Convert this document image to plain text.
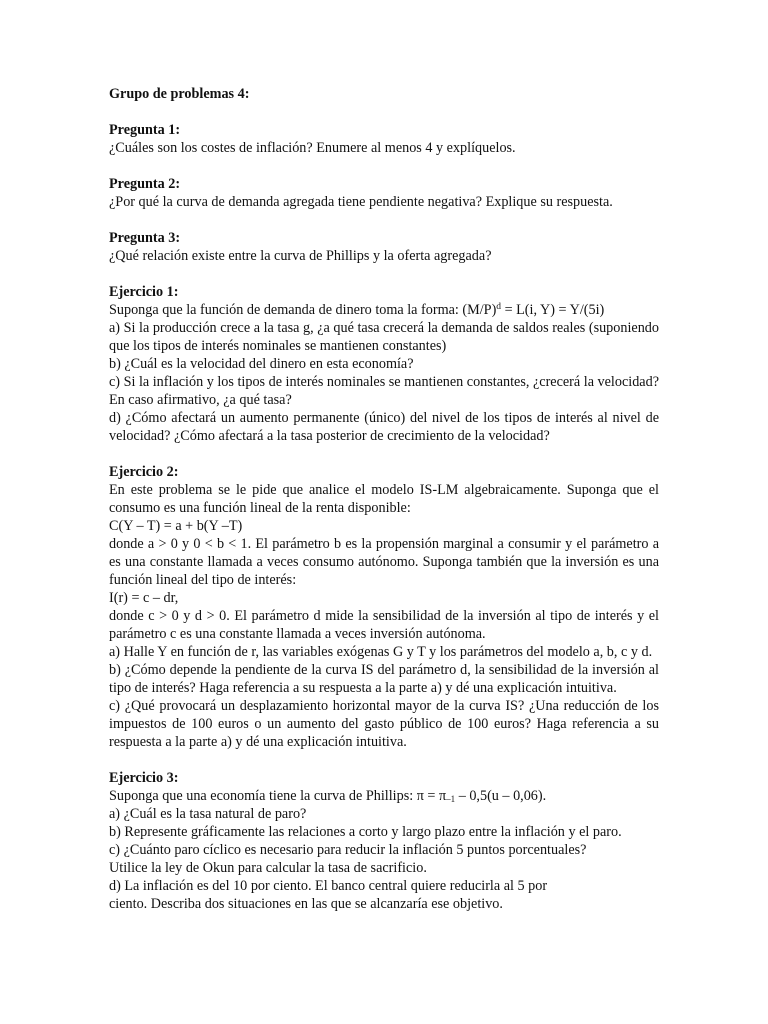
Grupo de problemas 4:

Pregunta 1:

¿Cuáles son los costes de inflación? Enumere al menos 4 y explíquelos.

Pregunta 2:

¿Por qué la curva de demanda agregada tiene pendiente negativa? Explique su respuesta.

Pregunta 3:

¿Qué relación existe entre la curva de Phillips y la oferta agregada?

Ejercicio 1:

Suponga que la función de demanda de dinero toma la forma: $(M/P)^d = L(i$, Y) = Y/(5i)

a) Si la producción crece a la tasa g, ¿a qué tasa crecerá la demanda de saldos reales (suponiendo que los tipos de interés nominales se mantienen constantes)

b) ¿Cuál es la velocidad del dinero en esta economía?

c) Si la inflación y los tipos de interés nominales se mantienen constantes, ¿crecerá la velocidad? En caso afirmativo, ¿a qué tasa?

d) ¿Cómo afectará un aumento permanente (único) del nivel de los tipos de interés al nivel de velocidad? ¿Cómo afectará a la tasa posterior de crecimiento de la velocidad?

Ejercicio 2:

En este problema se le pide que analice el modelo IS-LM algebraicamente. Suponga que el consumo es una función lineal de la renta disponible:

C(Y – T) = a + b(Y –T)

donde a > 0 y 0 < b < 1. El parámetro b es la propensión marginal a consumir y el parámetro a es una constante llamada a veces consumo autónomo. Suponga también que la inversión es una función lineal del tipo de interés:

I(r) = c – dr,

donde c > 0 y d > 0. El parámetro d mide la sensibilidad de la inversión al tipo de interés y el parámetro c es una constante llamada a veces inversión autónoma.

a) Halle Y en función de r, las variables exógenas G y T y los parámetros del modelo a, b, c y d.

b) ¿Cómo depende la pendiente de la curva IS del parámetro d, la sensibilidad de la inversión al tipo de interés? Haga referencia a su respuesta a la parte a) y dé una explicación intuitiva.

c) ¿Qué provocará un desplazamiento horizontal mayor de la curva IS? ¿Una reducción de los impuestos de 100 euros o un aumento del gasto público de 100 euros? Haga referencia a su respuesta a la parte a) y dé una explicación intuitiva.

Ejercicio 3:

Suponga que una economía tiene la curva de Phillips: $\pi = \pi_{-1} - 0,5(u - 0,06)$.

a) ¿Cuál es la tasa natural de paro?

b) Represente gráficamente las relaciones a corto y largo plazo entre la inflación y el paro.

c) ¿Cuánto paro cíclico es necesario para reducir la inflación 5 puntos porcentuales?

Utilice la ley de Okun para calcular la tasa de sacrificio.

d) La inflación es del 10 por ciento. El banco central quiere reducirla al 5 por

ciento. Describa dos situaciones en las que se alcanzaría ese objetivo.
